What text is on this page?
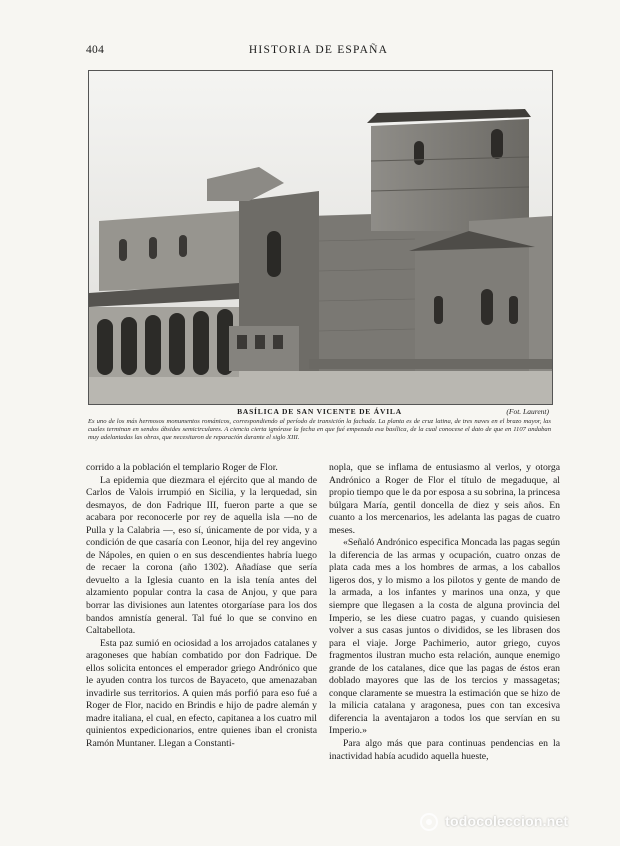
404	HISTORIA DE ESPAÑA
BASÍLICA DE SAN VICENTE DE ÁVILA	(Fot. Laurent)
Es uno de los más hermosos monumentos románicos, correspondiendo al período de transición la fachada. La planta es de cruz latina, de tres naves en el brazo mayor, las cuales terminan en sendos ábsides semicirculares. A ciencia cierta ignórase la fecha en que fué empezada esa basílica, de la cual conocese el dato de que en 1107 andaban muy adelantadas las obras, que necesitaron de reparación durante el siglo XIII.

corrido a la población el templario Roger de Flor.

La epidemia que diezmara el ejército que al mando de Carlos de Valois irrumpió en Sicilia, y la lerquedad, sin desmayos, de don Fadrique III, fueron parte a que se acabara por reconocerle por rey de aquella isla —no de Pulla y la Calabria —, eso sí, únicamente de por vida, y a condición de que casaría con Leonor, hija del rey angevino de Nápoles, en quien o en sus descendientes habría luego de recaer la corona (año 1302). Añadíase que sería devuelto a la Iglesia cuanto en la isla tenía antes del alzamiento popular contra la casa de Anjou, y que para borrar las divisiones aun latentes otorgaríase para los dos bandos amnistía general. Tal fué lo que se convino en Caltabellota.

Esta paz sumió en ociosidad a los arrojados catalanes y aragoneses que habían combatido por don Fadrique. De ellos solicita entonces el emperador griego Andrónico que le ayuden contra los turcos de Bayaceto, que amenazaban invadirle sus territorios. A quien más porfió para eso fué a Roger de Flor, nacido en Brindis e hijo de padre alemán y madre italiana, el cual, en efecto, capitanea a los cuatro mil quinientos expedicionarios, entre quienes iban el cronista Ramón Muntaner. Llegan a Constanti-

nopla, que se inflama de entusiasmo al verlos, y otorga Andrónico a Roger de Flor el título de megaduque, al propio tiempo que le da por esposa a su sobrina, la princesa búlgara María, gentil doncella de diez y seis años. En cuanto a los mercenarios, les adelanta las pagas de cuatro meses.

«Señaló Andrónico especifica Moncada las pagas según la diferencia de las armas y ocupación, cuatro onzas de plata cada mes a los hombres de armas, a los caballos ligeros dos, y lo mismo a los pilotos y gente de mando de la armada, a los infantes y marinos una onza, y que siempre que llegasen a la costa de alguna provincia del Imperio, se les diese cuatro pagas, y cuando quisiesen volver a sus casas juntos o divididos, se les librasen dos para el viaje. Jorge Pachimerio, autor griego, cuyos fragmentos ilustran mucho esta relación, aunque enemigo grande de los catalanes, dice que las pagas de éstos eran doblado mayores que las de los tercios y massagetas; conque claramente se muestra la estimación que se hizo de la milicia catalana y aragonesa, pues con tan excesiva diferencia la aventajaron a todos los que servían en su Imperio.»

Para algo más que para continuas pendencias en la inactividad había acudido aquella hueste,

todocoleccion.net
